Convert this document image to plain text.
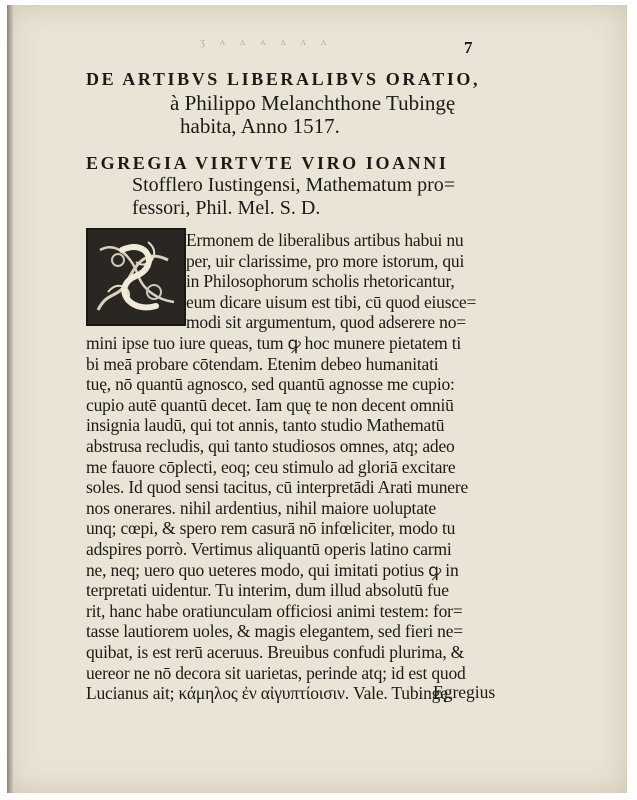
ʒ ʌ ʌ ʌ ʌ ʌ ʌ	7
DE ARTIBVS LIBERALIBVS ORATIO,
à Philippo Melanchthone Tubingę
habita, Anno 1517.
EGREGIA VIRTVTE VIRO IOANNI
Stofflero Iustingensi, Mathematum pro=
fessori, Phil. Mel. S. D.
Ermonem de liberalibus artibus habui nu
per, uir clarissime, pro more istorum, qui
in Philosophorum scholis rhetoricantur,
eum dicare uisum est tibi, cū quod eiusce=
modi sit argumentum, quod adserere no=
mini ipse tuo iure queas, tum ꝙ hoc munere pietatem ti
bi meā probare cōtendam. Etenim debeo humanitati
tuę, nō quantū agnosco, sed quantū agnosse me cupio:
cupio autē quantū decet. Iam quę te non decent omniū
insignia laudū, qui tot annis, tanto studio Mathematū
abstrusa recludis, qui tanto studiosos omnes, atq; adeo
me fauore cōplecti, eoq; ceu stimulo ad gloriā excitare
soles. Id quod sensi tacitus, cū interpretādi Arati munere
nos onerares. nihil ardentius, nihil maiore uoluptate
unq; cœpi, & spero rem casurā nō infœliciter, modo tu
adspires porrò. Vertimus aliquantū operis latino carmi
ne, neq; uero quo ueteres modo, qui imitati potius ꝙ in
terpretati uidentur. Tu interim, dum illud absolutū fue
rit, hanc habe oratiunculam officiosi animi testem: for=
tasse lautiorem uoles, & magis elegantem, sed fieri ne=
quibat, is est rerū aceruus. Breuibus confudi plurima, &
uereor ne nō decora sit uarietas, perinde atq; id est quod
Lucianus ait; κάμηλος ἐν αἰγυπτίοισιν. Vale. Tubingę.
Egregius
